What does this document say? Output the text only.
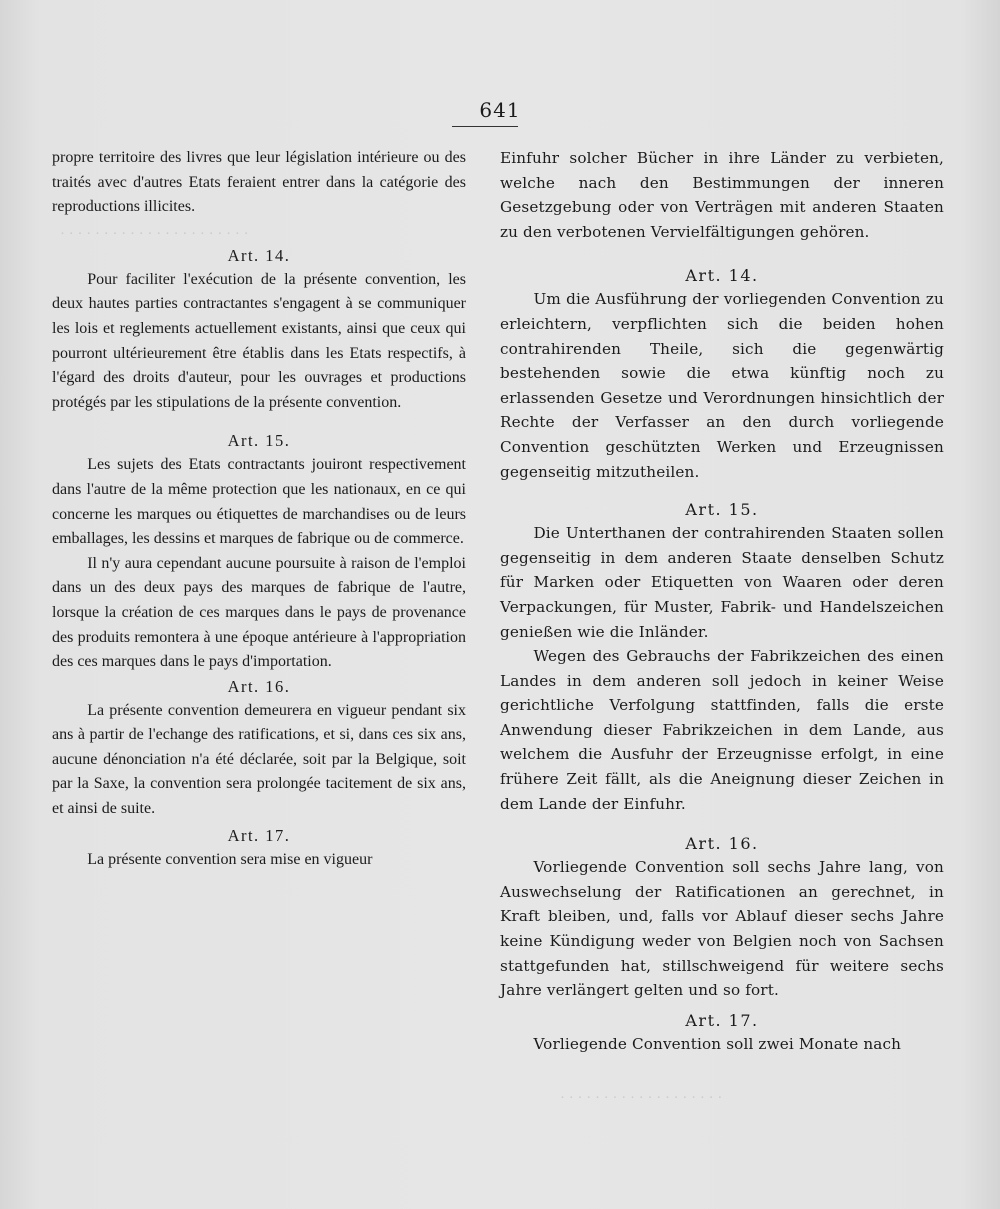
· · · · · · · · · · · · · · · · · · · · · ·
· · · · · · · · · · · · · · · · · · ·
641

propre territoire des livres que leur législation intérieure ou des traités avec d'autres Etats feraient entrer dans la catégorie des reproductions illicites.

Art. 14.

Pour faciliter l'exécution de la présente convention, les deux hautes parties contractantes s'engagent à se communiquer les lois et reglements actuellement existants, ainsi que ceux qui pourront ultérieurement être établis dans les Etats respectifs, à l'égard des droits d'auteur, pour les ouvrages et productions protégés par les stipulations de la présente convention.

Art. 15.

Les sujets des Etats contractants jouiront respectivement dans l'autre de la même protection que les nationaux, en ce qui concerne les marques ou étiquettes de marchandises ou de leurs emballages, les dessins et marques de fabrique ou de commerce.

Il n'y aura cependant aucune poursuite à raison de l'emploi dans un des deux pays des marques de fabrique de l'autre, lorsque la création de ces marques dans le pays de provenance des produits remontera à une époque antérieure à l'appropriation des ces marques dans le pays d'importation.

Art. 16.

La présente convention demeurera en vigueur pendant six ans à partir de l'echange des ratifications, et si, dans ces six ans, aucune dénonciation n'a été déclarée, soit par la Belgique, soit par la Saxe, la convention sera prolongée tacitement de six ans, et ainsi de suite.

Art. 17.

La présente convention sera mise en vigueur

Einfuhr solcher Bücher in ihre Länder zu verbieten, welche nach den Bestimmungen der inneren Gesetzgebung oder von Verträgen mit anderen Staaten zu den verbotenen Vervielfältigungen gehören.

Art. 14.

Um die Ausführung der vorliegenden Convention zu erleichtern, verpflichten sich die beiden hohen contrahirenden Theile, sich die gegenwärtig bestehenden sowie die etwa künftig noch zu erlassenden Gesetze und Verordnungen hinsichtlich der Rechte der Verfasser an den durch vorliegende Convention geschützten Werken und Erzeugnissen gegenseitig mitzutheilen.

Art. 15.

Die Unterthanen der contrahirenden Staaten sollen gegenseitig in dem anderen Staate denselben Schutz für Marken oder Etiquetten von Waaren oder deren Verpackungen, für Muster, Fabrik- und Handelszeichen genießen wie die Inländer.

Wegen des Gebrauchs der Fabrikzeichen des einen Landes in dem anderen soll jedoch in keiner Weise gerichtliche Verfolgung stattfinden, falls die erste Anwendung dieser Fabrikzeichen in dem Lande, aus welchem die Ausfuhr der Erzeugnisse erfolgt, in eine frühere Zeit fällt, als die Aneignung dieser Zeichen in dem Lande der Einfuhr.

Art. 16.

Vorliegende Convention soll sechs Jahre lang, von Auswechselung der Ratificationen an gerechnet, in Kraft bleiben, und, falls vor Ablauf dieser sechs Jahre keine Kündigung weder von Belgien noch von Sachsen stattgefunden hat, stillschweigend für weitere sechs Jahre verlängert gelten und so fort.

Art. 17.

Vorliegende Convention soll zwei Monate nach
